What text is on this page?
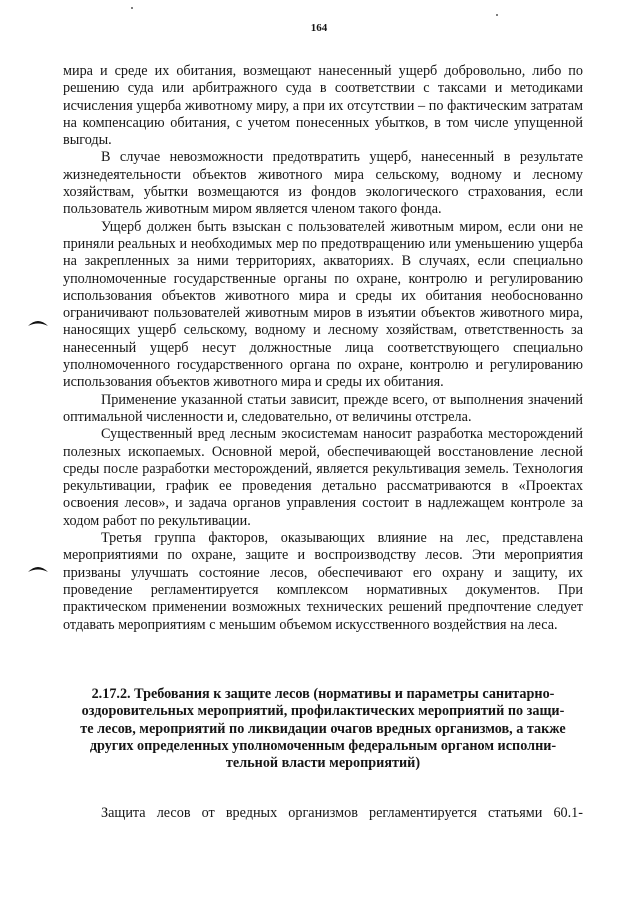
164

мира и среде их обитания, возмещают нанесенный ущерб добровольно, либо по решению суда или арбитражного суда в соответствии с таксами и методиками исчисления ущерба животному миру, а при их отсутствии – по фактическим затратам на компенсацию обитания, с учетом понесенных убытков, в том числе упущенной выгоды.

В случае невозможности предотвратить ущерб, нанесенный в результате жизнедеятельности объектов животного мира сельскому, водному и лесному хозяйствам, убытки возмещаются из фондов экологического страхования, если пользователь животным миром является членом такого фонда.

Ущерб должен быть взыскан с пользователей животным миром, если они не приняли реальных и необходимых мер по предотвращению или уменьшению ущерба на закрепленных за ними территориях, акваториях. В случаях, если специально уполномоченные государственные органы по охране, контролю и регулированию использования объектов животного мира и среды их обитания необоснованно ограничивают пользователей животным миров в изъятии объектов животного мира, наносящих ущерб сельскому, водному и лесному хозяйствам, ответственность за нанесенный ущерб несут должностные лица соответствующего специально уполномоченного государственного органа по охране, контролю и регулированию использования объектов животного мира и среды их обитания.

Применение указанной статьи зависит, прежде всего, от выполнения значений оптимальной численности и, следовательно, от величины отстрела.

Существенный вред лесным экосистемам наносит разработка месторождений полезных ископаемых. Основной мерой, обеспечивающей восстановление лесной среды после разработки месторождений, является рекультивация земель. Технология рекультивации, график ее проведения детально рассматриваются в «Проектах освоения лесов», и задача органов управления состоит в надлежащем контроле за ходом работ по рекультивации.

Третья группа факторов, оказывающих влияние на лес, представлена мероприятиями по охране, защите и воспроизводству лесов. Эти мероприятия призваны улучшать состояние лесов, обеспечивают его охрану и защиту, их проведение регламентируется комплексом нормативных документов. При практическом применении возможных технических решений предпочтение следует отдавать мероприятиям с меньшим объемом искусственного воздействия на леса.

2.17.2. Требования к защите лесов (нормативы и параметры санитарно-
оздоровительных мероприятий, профилактических мероприятий по защи-
те лесов, мероприятий по ликвидации очагов вредных организмов, а также
других определенных уполномоченным федеральным органом исполни-
тельной власти мероприятий)
Защита лесов от вредных организмов регламентируется статьями 60.1-
